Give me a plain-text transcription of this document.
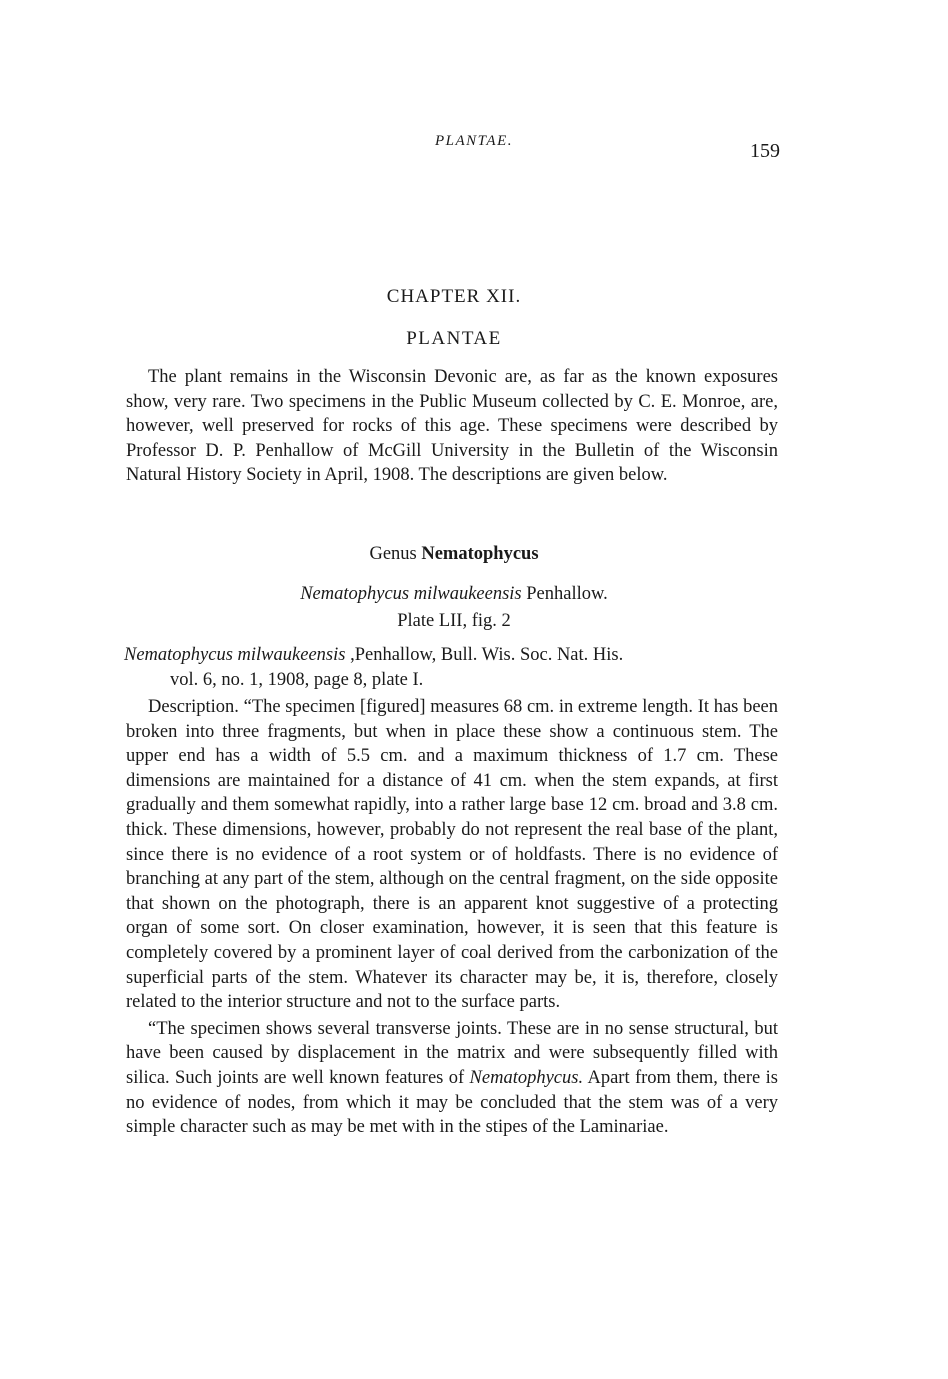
PLANTAE.	159
CHAPTER XII.
PLANTAE

The plant remains in the Wisconsin Devonic are, as far as the known exposures show, very rare. Two specimens in the Public Museum collected by C. E. Monroe, are, however, well preserved for rocks of this age. These specimens were described by Professor D. P. Penhallow of McGill University in the Bulletin of the Wisconsin Natural History Society in April, 1908. The descriptions are given below.

Genus Nematophycus
Nematophycus milwaukeensis Penhallow.
Plate LII, fig. 2
Nematophycus milwaukeensis ,Penhallow, Bull. Wis. Soc. Nat. His.
vol. 6, no. 1, 1908, page 8, plate I.

Description. “The specimen [figured] measures 68 cm. in extreme length. It has been broken into three fragments, but when in place these show a continuous stem. The upper end has a width of 5.5 cm. and a maximum thickness of 1.7 cm. These dimensions are maintained for a distance of 41 cm. when the stem expands, at first gradually and them somewhat rapidly, into a rather large base 12 cm. broad and 3.8 cm. thick. These dimensions, however, probably do not represent the real base of the plant, since there is no evidence of a root system or of holdfasts. There is no evidence of branching at any part of the stem, although on the central fragment, on the side opposite that shown on the photograph, there is an apparent knot suggestive of a protecting organ of some sort. On closer examination, however, it is seen that this feature is completely covered by a prominent layer of coal derived from the carbonization of the superficial parts of the stem. Whatever its character may be, it is, therefore, closely related to the interior structure and not to the surface parts.

“The specimen shows several transverse joints. These are in no sense structural, but have been caused by displacement in the matrix and were subsequently filled with silica. Such joints are well known features of Nematophycus. Apart from them, there is no evidence of nodes, from which it may be concluded that the stem was of a very simple character such as may be met with in the stipes of the Laminariae.
